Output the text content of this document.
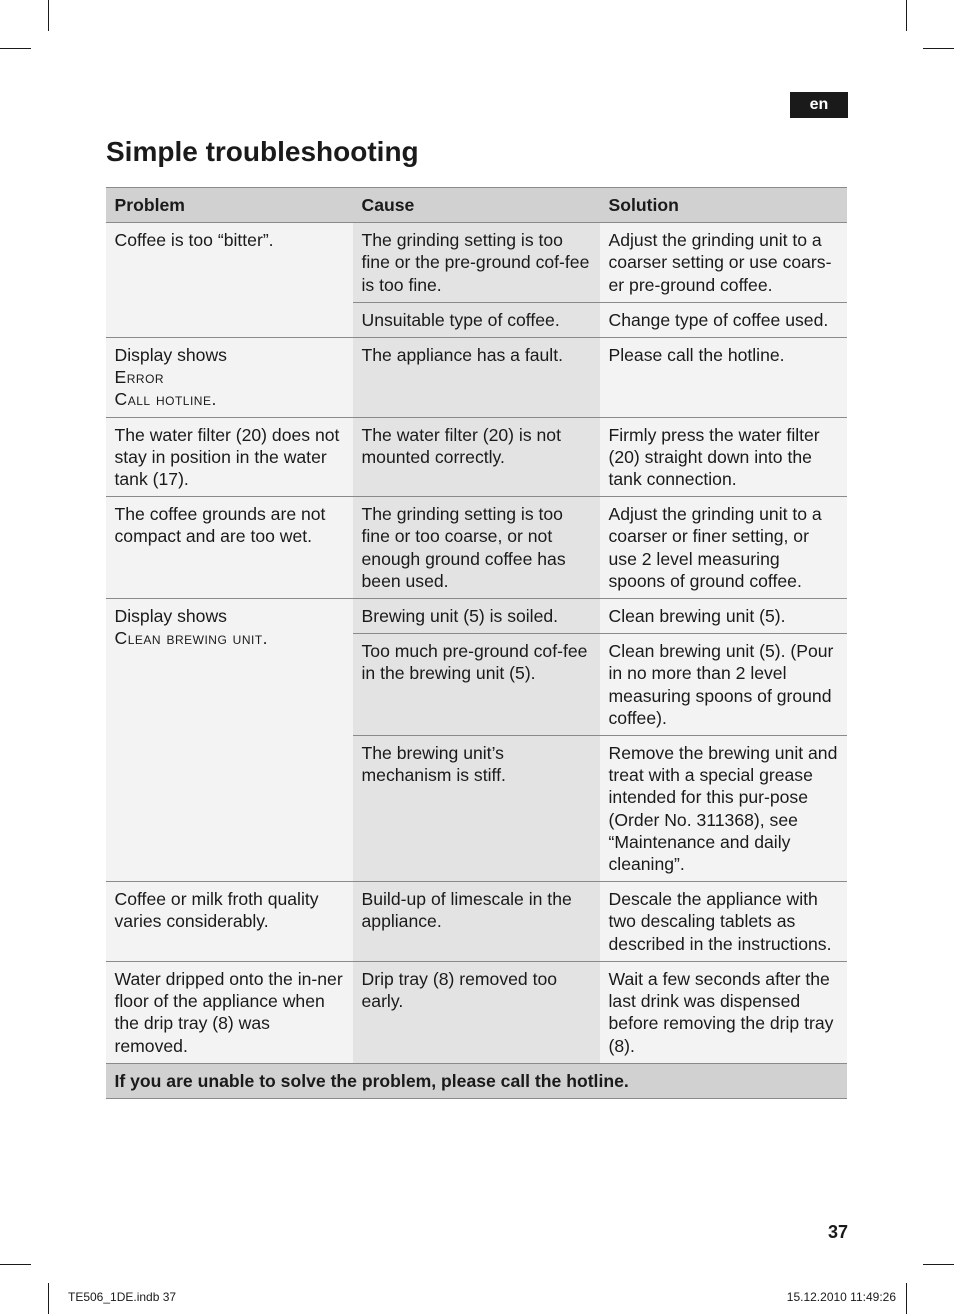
en
Simple troubleshooting
Problem	Cause	Solution

Coffee is too “bitter”.	The grinding setting is too fine or the pre-ground cof-fee is too fine.	Adjust the grinding unit to a coarser setting or use coars-er pre-ground coffee.
	Unsuitable type of coffee.	Change type of coffee used.

Display shows
Error
Call hotline.	The appliance has a fault.	Please call the hotline.

The water filter (20) does not stay in position in the water tank (17).	The water filter (20) is not mounted correctly.	Firmly press the water filter (20) straight down into the tank connection.

The coffee grounds are not compact and are too wet.	The grinding setting is too fine or too coarse, or not enough ground coffee has been used.	Adjust the grinding unit to a coarser or finer setting, or use 2 level measuring spoons of ground coffee.

Display shows
Clean brewing unit.	Brewing unit (5) is soiled.	Clean brewing unit (5).
	Too much pre-ground cof-fee in the brewing unit (5).	Clean brewing unit (5). (Pour in no more than 2 level measuring spoons of ground coffee).
	The brewing unit’s mechanism is stiff.	Remove the brewing unit and treat with a special grease intended for this pur-pose (Order No. 311368), see “Maintenance and daily cleaning”.

Coffee or milk froth quality varies considerably.	Build-up of limescale in the appliance.	Descale the appliance with two descaling tablets as described in the instructions.

Water dripped onto the in-ner floor of the appliance when the drip tray (8) was removed.	Drip tray (8) removed too early.	Wait a few seconds after the last drink was dispensed before removing the drip tray (8).
If you are unable to solve the problem, please call the hotline.		
37
TE506_1DE.indb 37	15.12.2010 11:49:26
